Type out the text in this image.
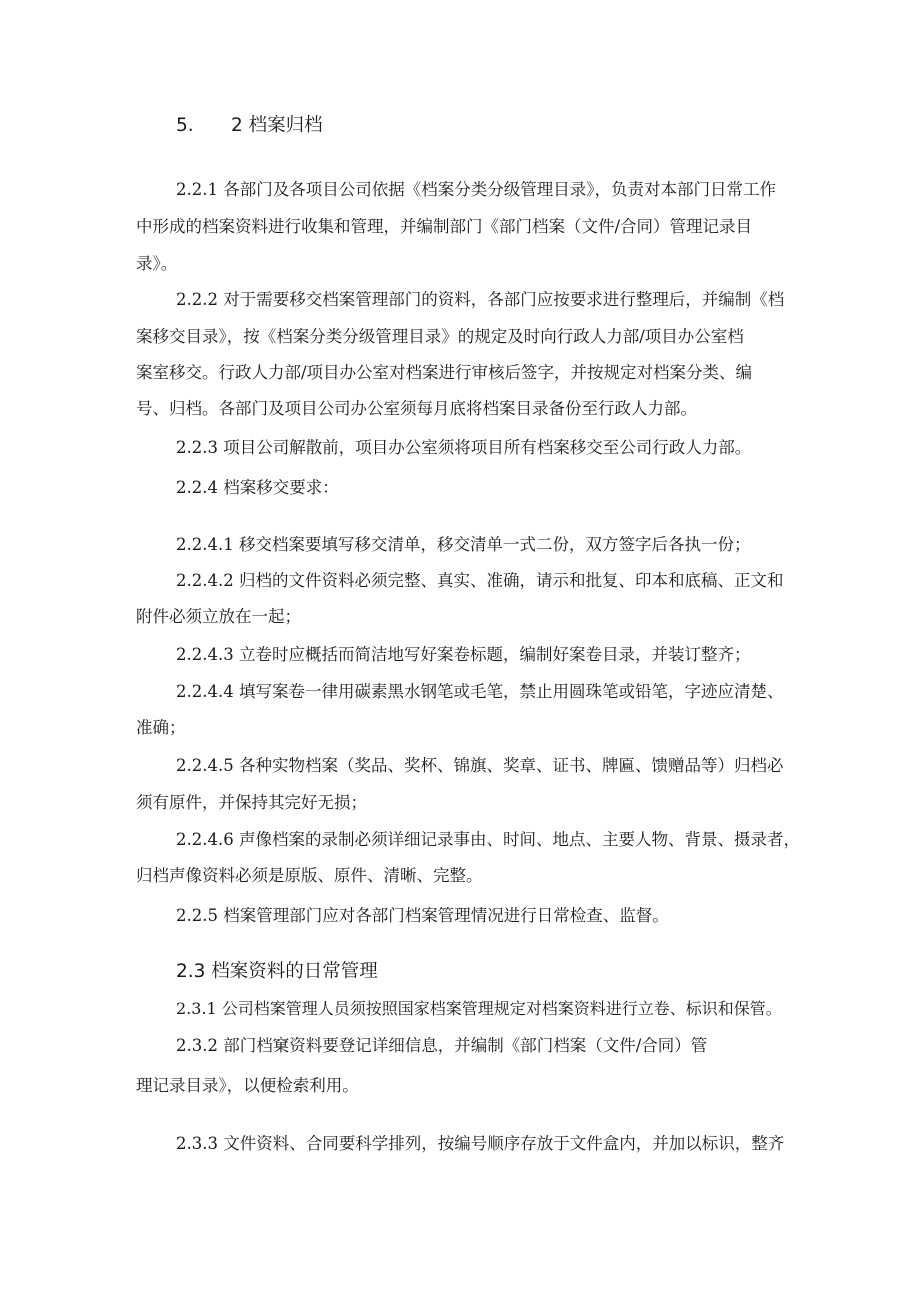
5. 2 档案归档
2.2.1 各部门及各项目公司依据《档案分类分级管理目录》，负责对本部门日常工作
中形成的档案资料进行收集和管理，并编制部门《部门档案（文件/合同）管理记录目
录》。
2.2.2 对于需要移交档案管理部门的资料，各部门应按要求进行整理后，并编制《档
案移交目录》，按《档案分类分级管理目录》的规定及时向行政人力部/项目办公室档
案室移交。行政人力部/项目办公室对档案进行审核后签字，并按规定对档案分类、编
号、归档。各部门及项目公司办公室须每月底将档案目录备份至行政人力部。
2.2.3 项目公司解散前，项目办公室须将项目所有档案移交至公司行政人力部。
2.2.4 档案移交要求：
2.2.4.1 移交档案要填写移交清单，移交清单一式二份，双方签字后各执一份；
2.2.4.2 归档的文件资料必须完整、真实、准确，请示和批复、印本和底稿、正文和
附件必须立放在一起；
2.2.4.3 立卷时应概括而简洁地写好案卷标题，编制好案卷目录，并装订整齐；
2.2.4.4 填写案卷一律用碳素黑水钢笔或毛笔，禁止用圆珠笔或铅笔，字迹应清楚、
准确；
2.2.4.5 各种实物档案（奖品、奖杯、锦旗、奖章、证书、牌匾、馈赠品等）归档必
须有原件，并保持其完好无损；
2.2.4.6 声像档案的录制必须详细记录事由、时间、地点、主要人物、背景、摄录者，
归档声像资料必须是原版、原件、清晰、完整。
2.2.5 档案管理部门应对各部门档案管理情况进行日常检查、监督。
2.3 档案资料的日常管理
2.3.1 公司档案管理人员须按照国家档案管理规定对档案资料进行立卷、标识和保管。
2.3.2 部门档窠资料要登记详细信息，并编制《部门档案（文件/合同）管
理记录目录》，以便检索利用。
2.3.3 文件资料、合同要科学排列，按编号顺序存放于文件盒内，并加以标识，整齐
